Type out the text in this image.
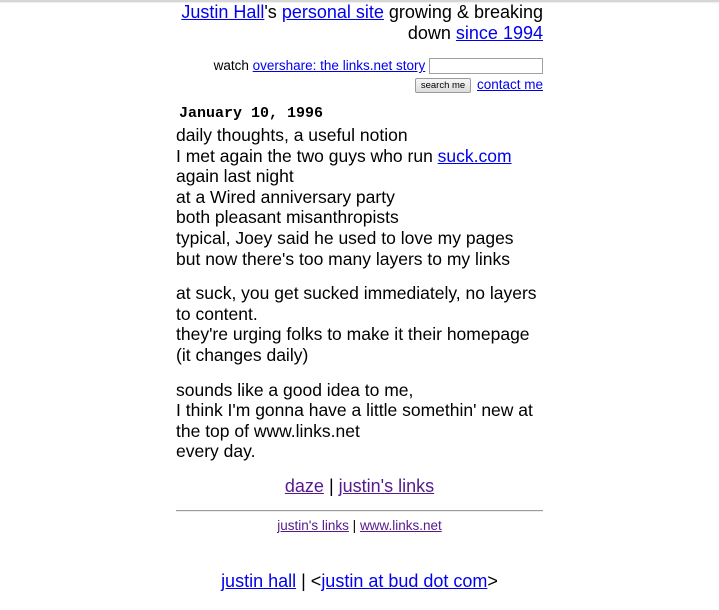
Justin Hall's personal site growing & breaking down since 1994
watch overshare: the links.net story
search me contact me
January 10, 1996
daily thoughts, a useful notion
I met again the two guys who run suck.com
again last night
at a Wired anniversary party
both pleasant misanthropists
typical, Joey said he used to love my pages
but now there's too many layers to my links
at suck, you get sucked immediately, no layers to content.
they're urging folks to make it their homepage
(it changes daily)
sounds like a good idea to me,
I think I'm gonna have a little somethin' new at the top of www.links.net
every day.
daze | justin's links
justin's links | www.links.net
justin hall | <justin at bud dot com>
